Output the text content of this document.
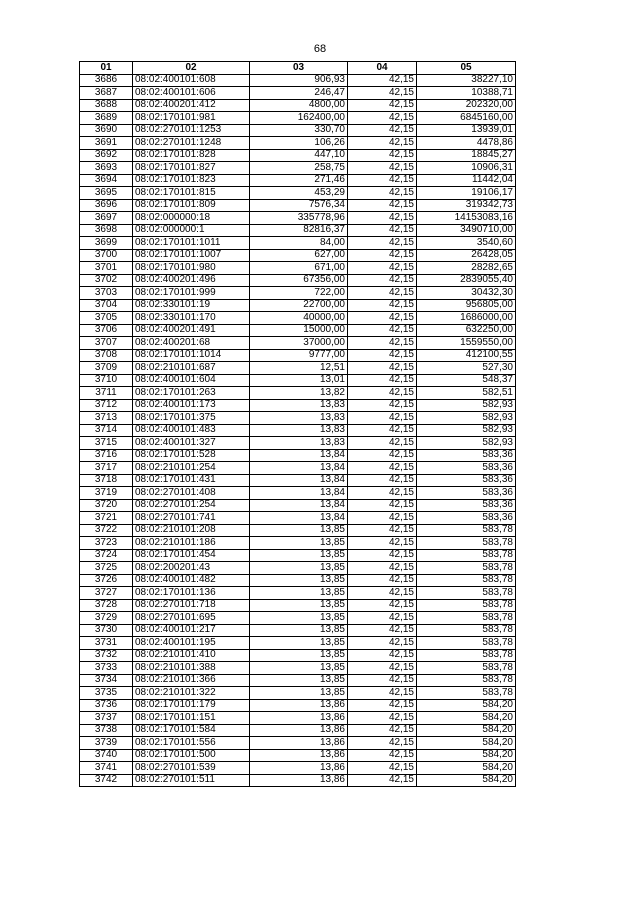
68
01	02	03	04	05
3686	08:02:400101:608	906,93	42,15	38227,10
3687	08:02:400101:606	246,47	42,15	10388,71
3688	08:02:400201:412	4800,00	42,15	202320,00
3689	08:02:170101:981	162400,00	42,15	6845160,00
3690	08:02:270101:1253	330,70	42,15	13939,01
3691	08:02:270101:1248	106,26	42,15	4478,86
3692	08:02:170101:828	447,10	42,15	18845,27
3693	08:02:170101:827	258,75	42,15	10906,31
3694	08:02:170101:823	271,46	42,15	11442,04
3695	08:02:170101:815	453,29	42,15	19106,17
3696	08:02:170101:809	7576,34	42,15	319342,73
3697	08:02:000000:18	335778,96	42,15	14153083,16
3698	08:02:000000:1	82816,37	42,15	3490710,00
3699	08:02:170101:1011	84,00	42,15	3540,60
3700	08:02:170101:1007	627,00	42,15	26428,05
3701	08:02:170101:980	671,00	42,15	28282,65
3702	08:02:400201:496	67356,00	42,15	2839055,40
3703	08:02:170101:999	722,00	42,15	30432,30
3704	08:02:330101:19	22700,00	42,15	956805,00
3705	08:02:330101:170	40000,00	42,15	1686000,00
3706	08:02:400201:491	15000,00	42,15	632250,00
3707	08:02:400201:68	37000,00	42,15	1559550,00
3708	08:02:170101:1014	9777,00	42,15	412100,55
3709	08:02:210101:687	12,51	42,15	527,30
3710	08:02:400101:604	13,01	42,15	548,37
3711	08:02:170101:263	13,82	42,15	582,51
3712	08:02:400101:173	13,83	42,15	582,93
3713	08:02:170101:375	13,83	42,15	582,93
3714	08:02:400101:483	13,83	42,15	582,93
3715	08:02:400101:327	13,83	42,15	582,93
3716	08:02:170101:528	13,84	42,15	583,36
3717	08:02:210101:254	13,84	42,15	583,36
3718	08:02:170101:431	13,84	42,15	583,36
3719	08:02:270101:408	13,84	42,15	583,36
3720	08:02:270101:254	13,84	42,15	583,36
3721	08:02:270101:741	13,84	42,15	583,36
3722	08:02:210101:208	13,85	42,15	583,78
3723	08:02:210101:186	13,85	42,15	583,78
3724	08:02:170101:454	13,85	42,15	583,78
3725	08:02:200201:43	13,85	42,15	583,78
3726	08:02:400101:482	13,85	42,15	583,78
3727	08:02:170101:136	13,85	42,15	583,78
3728	08:02:270101:718	13,85	42,15	583,78
3729	08:02:270101:695	13,85	42,15	583,78
3730	08:02:400101:217	13,85	42,15	583,78
3731	08:02:400101:195	13,85	42,15	583,78
3732	08:02:210101:410	13,85	42,15	583,78
3733	08:02:210101:388	13,85	42,15	583,78
3734	08:02:210101:366	13,85	42,15	583,78
3735	08:02:210101:322	13,85	42,15	583,78
3736	08:02:170101:179	13,86	42,15	584,20
3737	08:02:170101:151	13,86	42,15	584,20
3738	08:02:170101:584	13,86	42,15	584,20
3739	08:02:170101:556	13,86	42,15	584,20
3740	08:02:170101:500	13,86	42,15	584,20
3741	08:02:270101:539	13,86	42,15	584,20
3742	08:02:270101:511	13,86	42,15	584,20
